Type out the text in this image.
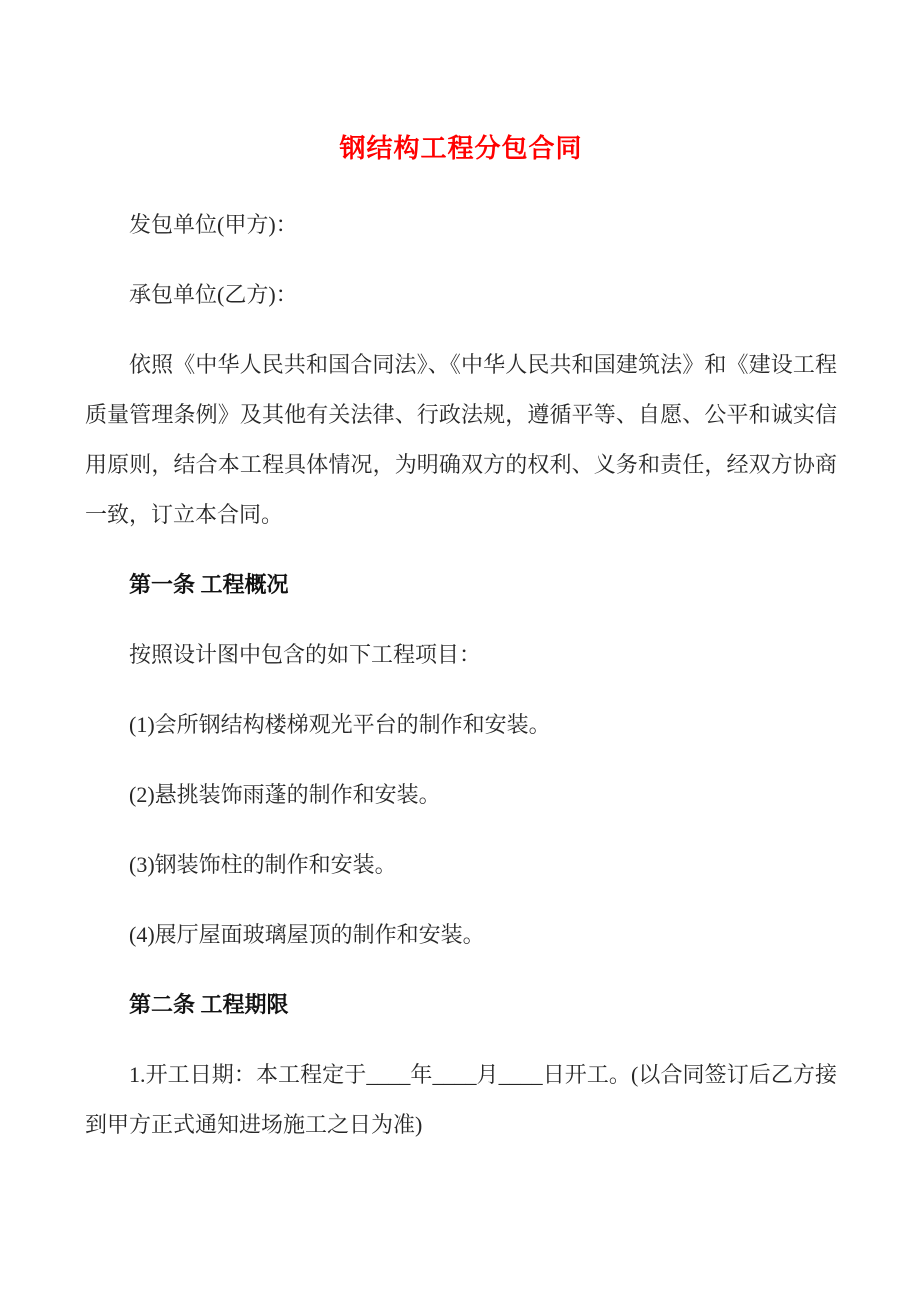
钢结构工程分包合同

发包单位(甲方)：

承包单位(乙方)：

依照《中华人民共和国合同法》、《中华人民共和国建筑法》和《建设工程质量管理条例》及其他有关法律、行政法规，遵循平等、自愿、公平和诚实信用原则，结合本工程具体情况，为明确双方的权利、义务和责任，经双方协商一致，订立本合同。

第一条 工程概况

按照设计图中包含的如下工程项目：

(1)会所钢结构楼梯观光平台的制作和安装。

(2)悬挑装饰雨蓬的制作和安装。

(3)钢装饰柱的制作和安装。

(4)展厅屋面玻璃屋顶的制作和安装。

第二条 工程期限

1.开工日期：本工程定于____年____月____日开工。(以合同签订后乙方接到甲方正式通知进场施工之日为准)
